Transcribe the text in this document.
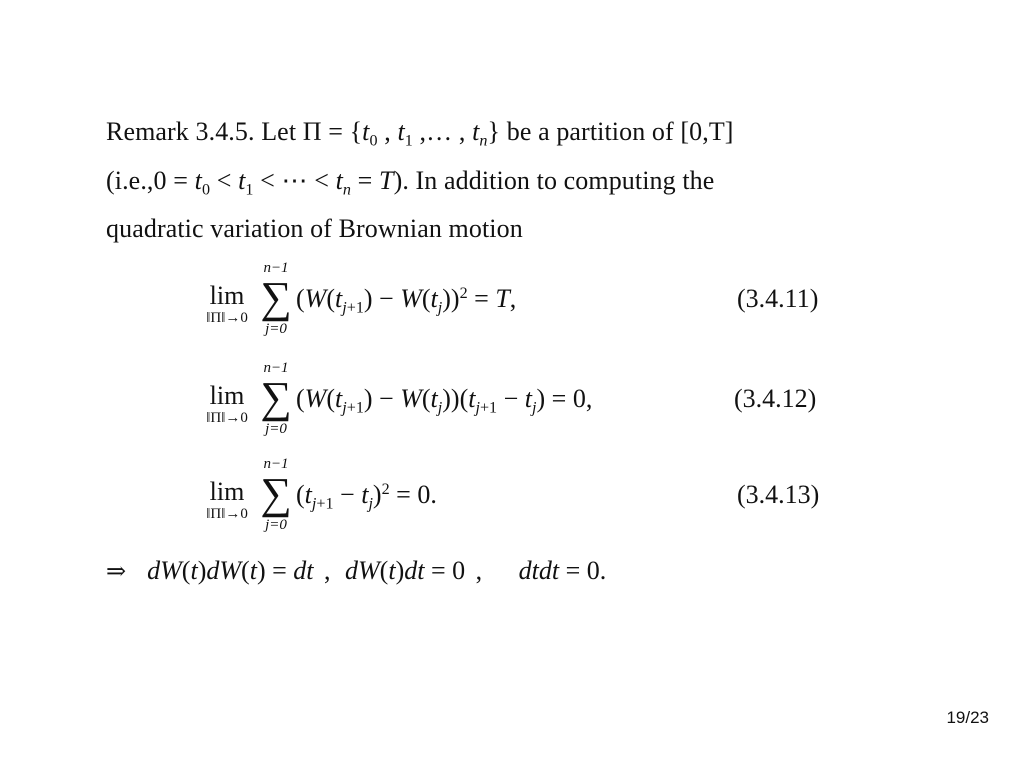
Remark 3.4.5. Let $\Pi = \{t_0$ , $t_1$ ,… , $t_n$} be a partition of [0,T]
($i.e.,0 = t_0 < t_1$ < ⋯ < $t_n = T$). In addition to computing the
quadratic variation of Brownian motion
lim
‖Π‖→0
n−1
∑
j=0
$(W(t_{j+1}) - W(t_j))^2 = T$,	(3.4.11)
lim
‖Π‖→0
n−1
∑
j=0
$(W(t_{j+1}) - W(t_j))(t_{j+1} - t_j) = 0$,	(3.4.12)
lim
‖Π‖→0
n−1
∑
j=0
$(t_{j+1} - t_j)^2 = 0$.	(3.4.13)
⇒ dW(t)dW(t) = dt , dW(t)dt = 0 , dtdt = 0.
19/23
